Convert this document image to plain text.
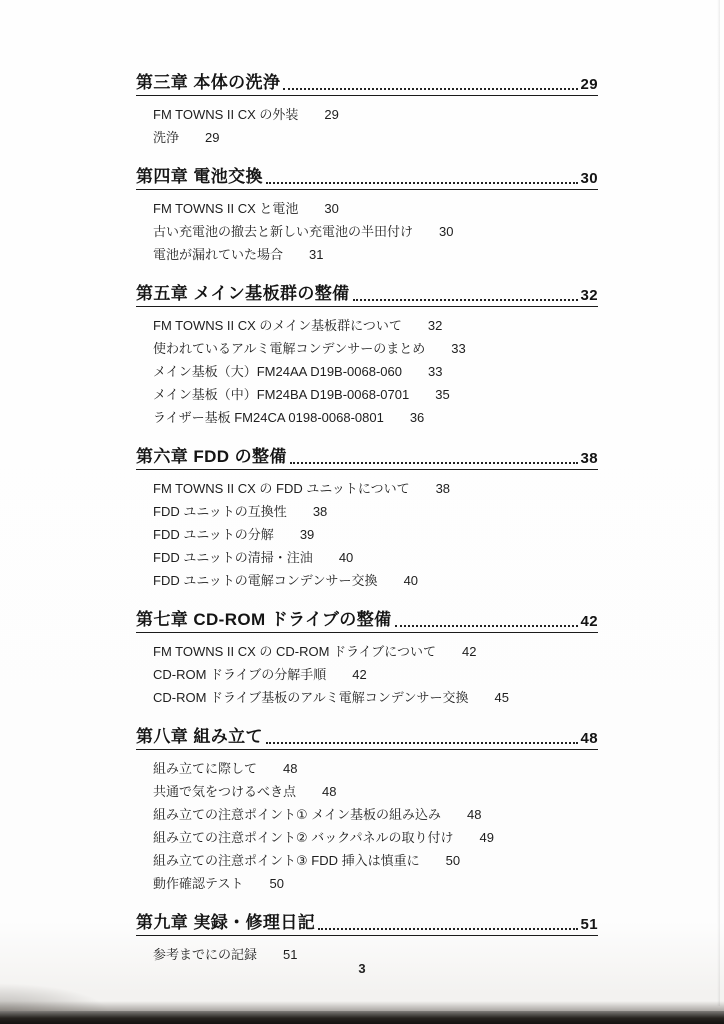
第三章 本体の洗浄	29
FM TOWNS II CX の外装 29
洗浄 29
第四章 電池交換	30
FM TOWNS II CX と電池 30
古い充電池の撤去と新しい充電池の半田付け 30
電池が漏れていた場合 31
第五章 メイン基板群の整備	32
FM TOWNS II CX のメイン基板群について 32
使われているアルミ電解コンデンサーのまとめ 33
メイン基板（大）FM24AA D19B-0068-060 33
メイン基板（中）FM24BA D19B-0068-0701 35
ライザー基板 FM24CA 0198-0068-0801 36
第六章 FDD の整備	38
FM TOWNS II CX の FDD ユニットについて 38
FDD ユニットの互換性 38
FDD ユニットの分解 39
FDD ユニットの清掃・注油 40
FDD ユニットの電解コンデンサー交換 40
第七章 CD-ROM ドライブの整備	42
FM TOWNS II CX の CD-ROM ドライブについて 42
CD-ROM ドライブの分解手順 42
CD-ROM ドライブ基板のアルミ電解コンデンサー交換 45
第八章 組み立て	48
組み立てに際して 48
共通で気をつけるべき点 48
組み立ての注意ポイント① メイン基板の組み込み 48
組み立ての注意ポイント② バックパネルの取り付け 49
組み立ての注意ポイント③ FDD 挿入は慎重に 50
動作確認テスト 50
第九章 実録・修理日記	51
参考までにの記録 51
3
